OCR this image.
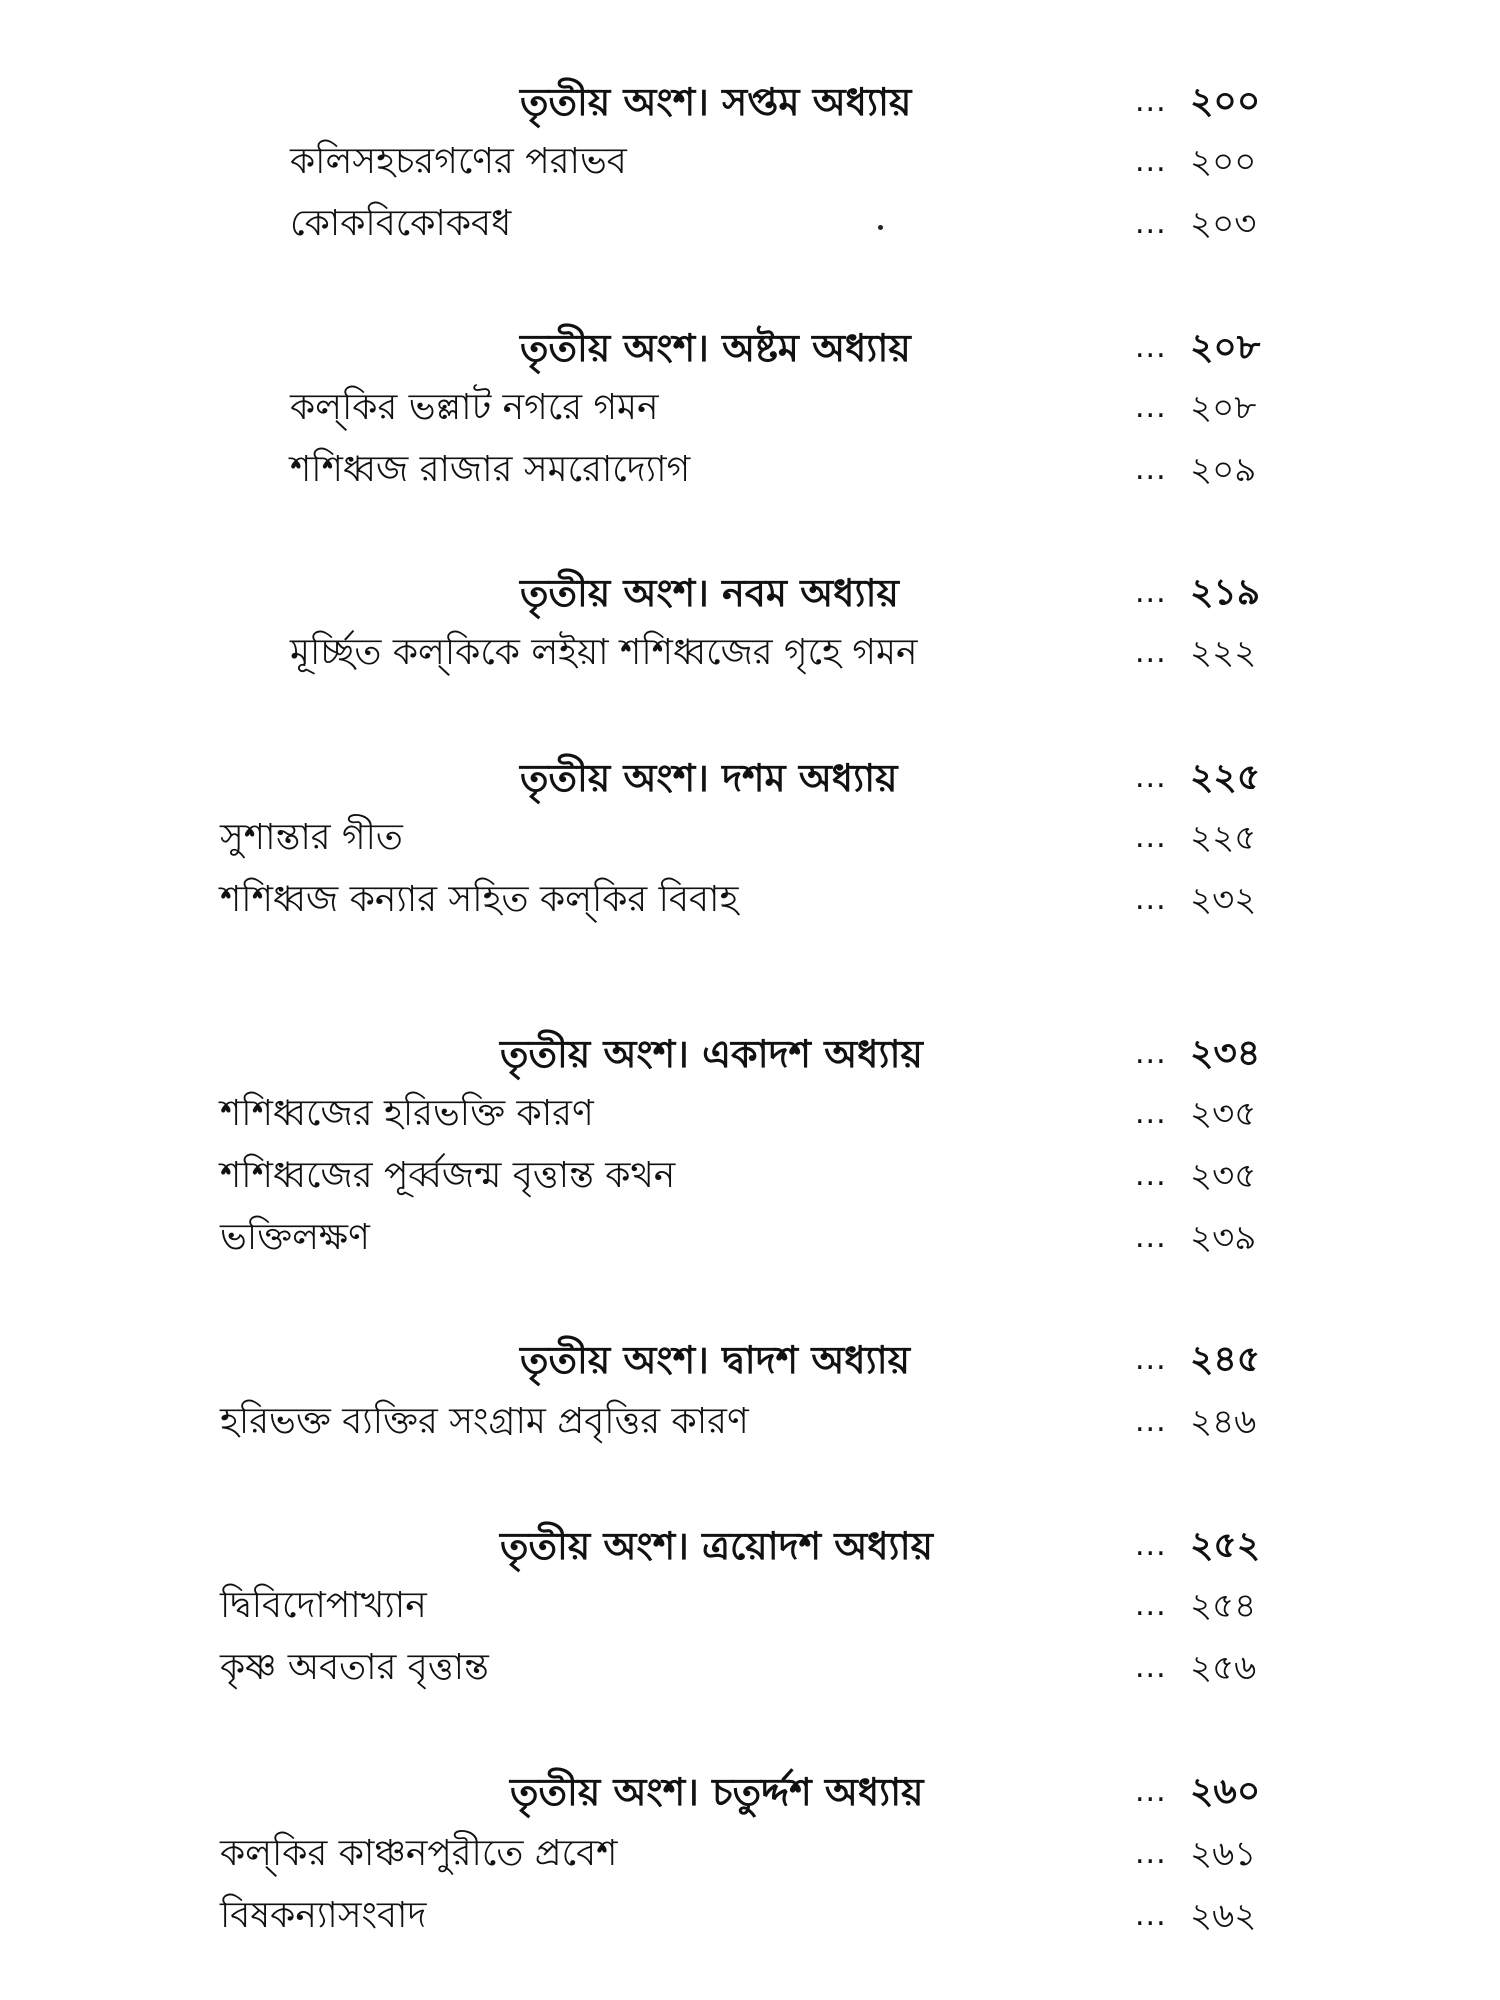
তৃতীয় অংশ। সপ্তম অধ্যায়	... ২০০
কলিসহচরগণের পরাভব	... ২০০
কোকবিকোকবধ	... ২০৩
তৃতীয় অংশ। অষ্টম অধ্যায়	... ২০৮
কল্‌কির ভল্লাট নগরে গমন	... ২০৮
শশিধ্বজ রাজার সমরোদ্যোগ	... ২০৯
তৃতীয় অংশ। নবম অধ্যায়	... ২১৯
মূর্চ্ছিত কল্‌কিকে লইয়া শশিধ্বজের গৃহে গমন	... ২২২
তৃতীয় অংশ। দশম অধ্যায়	... ২২৫
সুশান্তার গীত	... ২২৫
শশিধ্বজ কন্যার সহিত কল্‌কির বিবাহ	... ২৩২
তৃতীয় অংশ। একাদশ অধ্যায়	... ২৩৪
শশিধ্বজের হরিভক্তি কারণ	... ২৩৫
শশিধ্বজের পূর্ব্বজন্ম বৃত্তান্ত কথন	... ২৩৫
ভক্তিলক্ষণ	... ২৩৯
তৃতীয় অংশ। দ্বাদশ অধ্যায়	... ২৪৫
হরিভক্ত ব্যক্তির সংগ্রাম প্রবৃত্তির কারণ	... ২৪৬
তৃতীয় অংশ। ত্রয়োদশ অধ্যায়	... ২৫২
দ্বিবিদোপাখ্যান	... ২৫৪
কৃষ্ণ অবতার বৃত্তান্ত	... ২৫৬
তৃতীয় অংশ। চতুর্দ্দশ অধ্যায়	... ২৬০
কল্‌কির কাঞ্চনপুরীতে প্রবেশ	... ২৬১
বিষকন্যাসংবাদ	... ২৬২
